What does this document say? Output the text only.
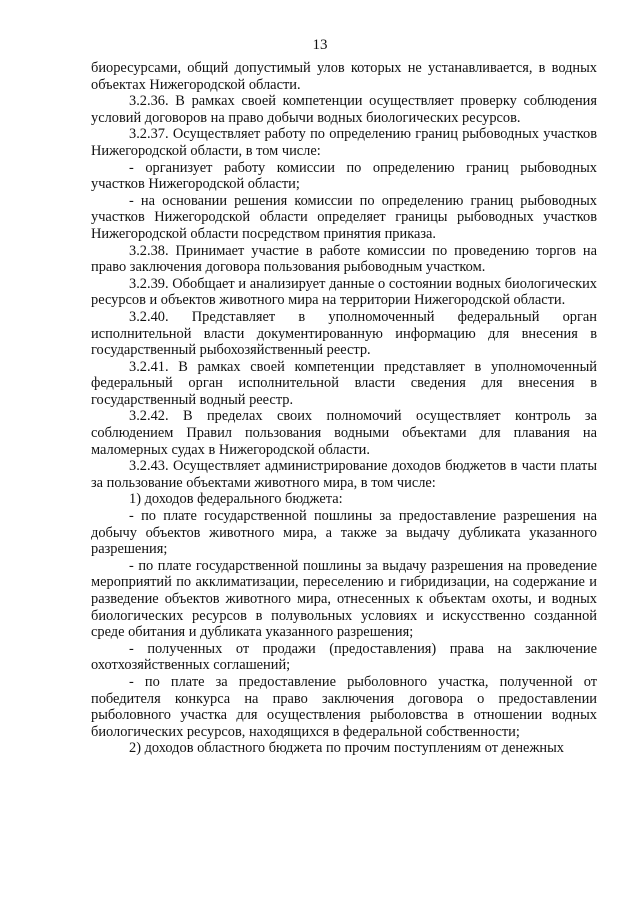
13

биоресурсами, общий допустимый улов которых не устанавливается, в водных объектах Нижегородской области.

3.2.36. В рамках своей компетенции осуществляет проверку соблюдения условий договоров на право добычи водных биологических ресурсов.

3.2.37. Осуществляет работу по определению границ рыбоводных участков Нижегородской области, в том числе:

- организует работу комиссии по определению границ рыбоводных участков Нижегородской области;

- на основании решения комиссии по определению границ рыбоводных участков Нижегородской области определяет границы рыбоводных участков Нижегородской области посредством принятия приказа.

3.2.38. Принимает участие в работе комиссии по проведению торгов на право заключения договора пользования рыбоводным участком.

3.2.39. Обобщает и анализирует данные о состоянии водных биологических ресурсов и объектов животного мира на территории Нижегородской области.

3.2.40. Представляет в уполномоченный федеральный орган исполнительной власти документированную информацию для внесения в государственный рыбохозяйственный реестр.

3.2.41. В рамках своей компетенции представляет в уполномоченный федеральный орган исполнительной власти сведения для внесения в государственный водный реестр.

3.2.42. В пределах своих полномочий осуществляет контроль за соблюдением Правил пользования водными объектами для плавания на маломерных судах в Нижегородской области.

3.2.43. Осуществляет администрирование доходов бюджетов в части платы за пользование объектами животного мира, в том числе:

1) доходов федерального бюджета:

- по плате государственной пошлины за предоставление разрешения на добычу объектов животного мира, а также за выдачу дубликата указанного разрешения;

- по плате государственной пошлины за выдачу разрешения на проведение мероприятий по акклиматизации, переселению и гибридизации, на содержание и разведение объектов животного мира, отнесенных к объектам охоты, и водных биологических ресурсов в полувольных условиях и искусственно созданной среде обитания и дубликата указанного разрешения;

- полученных от продажи (предоставления) права на заключение охотхозяйственных соглашений;

- по плате за предоставление рыболовного участка, полученной от победителя конкурса на право заключения договора о предоставлении рыболовного участка для осуществления рыболовства в отношении водных биологических ресурсов, находящихся в федеральной собственности;

2) доходов областного бюджета по прочим поступлениям от денежных
